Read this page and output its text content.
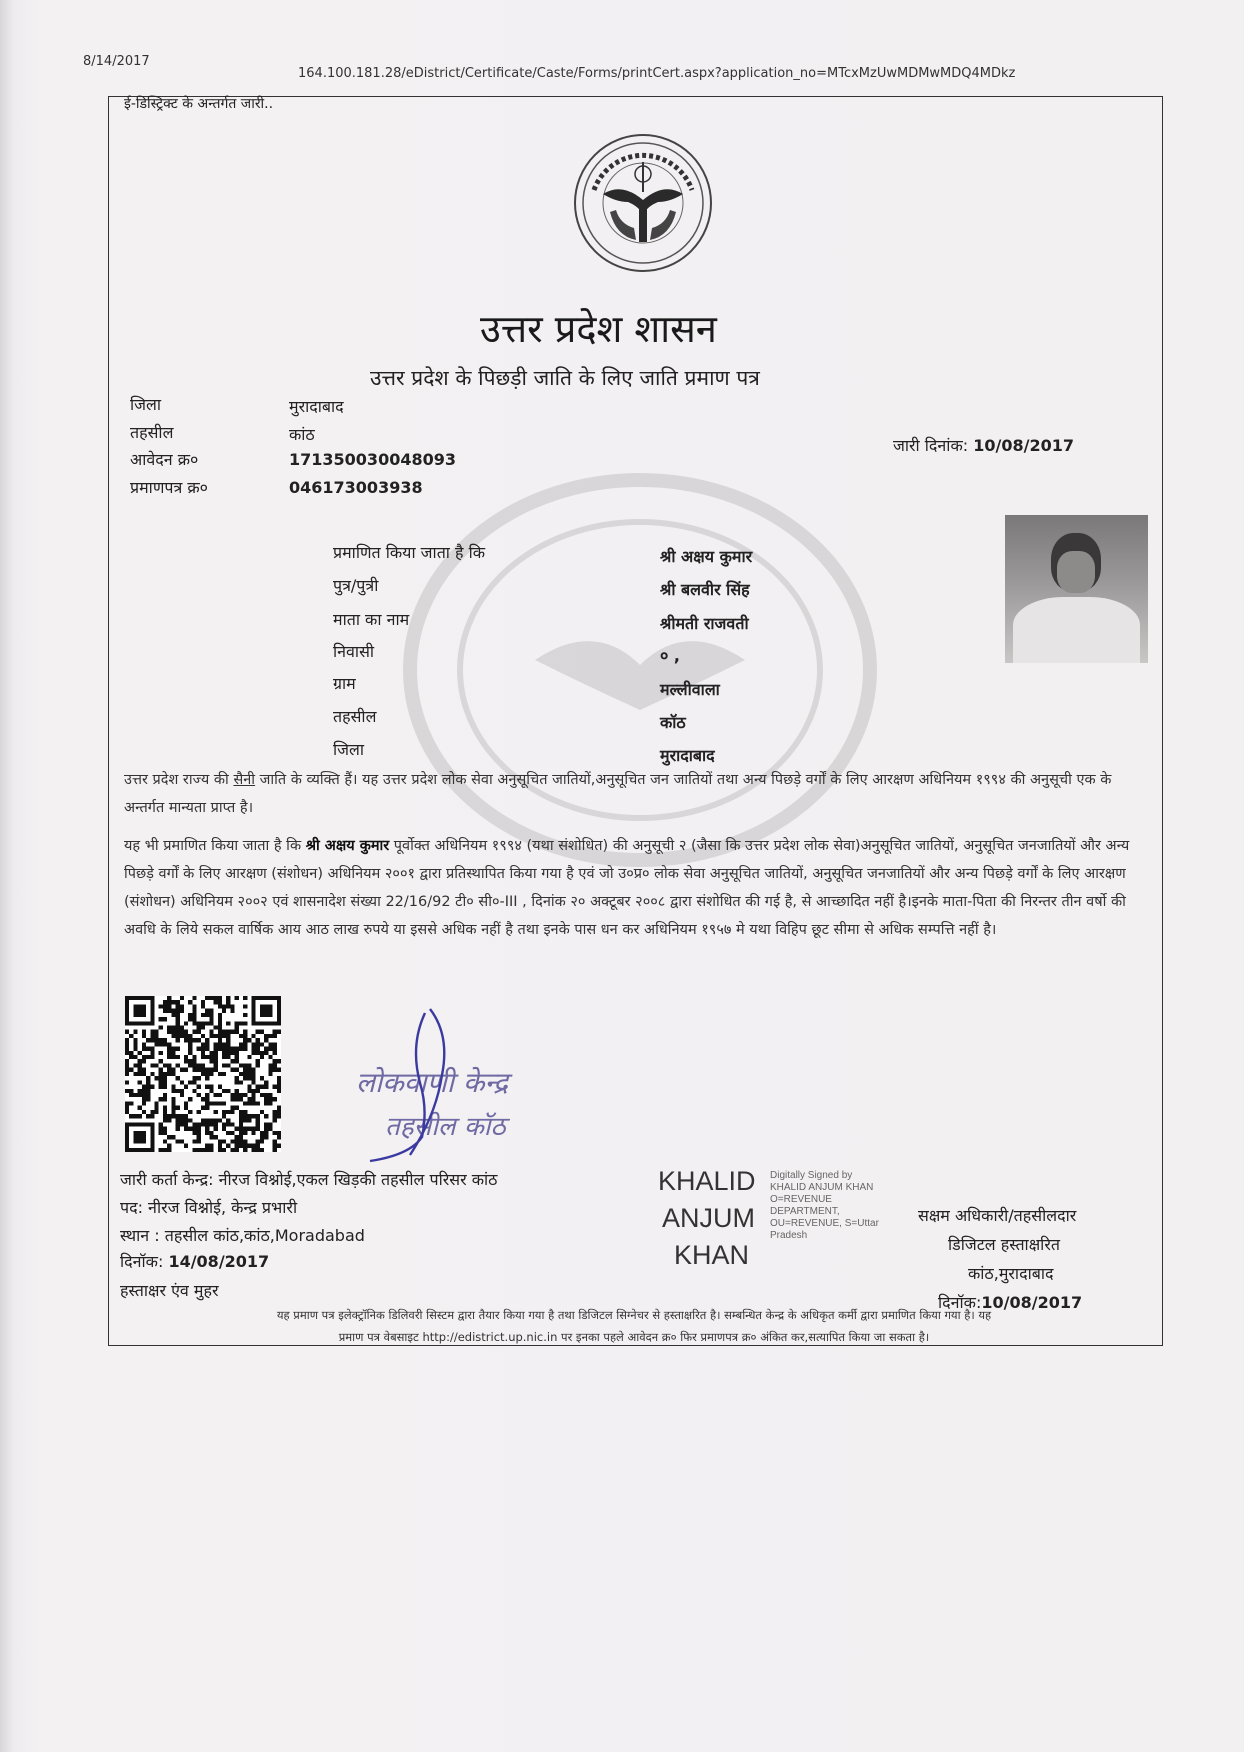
8/14/2017
164.100.181.28/eDistrict/Certificate/Caste/Forms/printCert.aspx?application_no=MTcxMzUwMDMwMDQ4MDkz
ई-डिस्ट्रिक्ट के अन्तर्गत जारी..
उत्तर प्रदेश शासन
उत्तर प्रदेश के पिछड़ी जाति के लिए जाति प्रमाण पत्र
जिला	मुरादाबाद
तहसील	कांठ
आवेदन क्र०	171350030048093
प्रमाणपत्र क्र०	046173003938
जारी दिनांक: 10/08/2017
प्रमाणित किया जाता है कि	श्री अक्षय कुमार
पुत्र/पुत्री	श्री बलवीर सिंह
माता का नाम	श्रीमती राजवती
निवासी	० ,
ग्राम	मल्लीवाला
तहसील	कॉठ
जिला	मुरादाबाद
उत्तर प्रदेश राज्य की सैनी जाति के व्यक्ति हैं। यह उत्तर प्रदेश लोक सेवा अनुसूचित जातियों,अनुसूचित जन जातियों तथा अन्य पिछड़े वर्गों के लिए आरक्षण अधिनियम १९९४ की अनुसूची एक के अन्तर्गत मान्यता प्राप्त है।
यह भी प्रमाणित किया जाता है कि श्री अक्षय कुमार पूर्वोक्त अधिनियम १९९४ (यथा संशोधित) की अनुसूची २ (जैसा कि उत्तर प्रदेश लोक सेवा)अनुसूचित जातियों, अनुसूचित जनजातियों और अन्य पिछड़े वर्गों के लिए आरक्षण (संशोधन) अधिनियम २००१ द्वारा प्रतिस्थापित किया गया है एवं जो उ०प्र० लोक सेवा अनुसूचित जातियों, अनुसूचित जनजातियों और अन्य पिछड़े वर्गों के लिए आरक्षण (संशोधन) अधिनियम २००२ एवं शासनादेश संख्या 22/16/92 टी० सी०-III , दिनांक २० अक्टूबर २००८ द्वारा संशोधित की गई है, से आच्छादित नहीं है।इनके माता-पिता की निरन्तर तीन वर्षो की अवधि के लिये सकल वार्षिक आय आठ लाख रुपये या इससे अधिक नहीं है तथा इनके पास धन कर अधिनियम १९५७ मे यथा विहिप छूट सीमा से अधिक सम्पत्ति नहीं है।
लोकवाणी केन्द्र
तहसील कॉठ
जारी कर्ता केन्द्र: नीरज विश्नोई,एकल खिड़की तहसील परिसर कांठ
पद: नीरज विश्नोई, केन्द्र प्रभारी
स्थान : तहसील कांठ,कांठ,Moradabad
दिनॉक: 14/08/2017
हस्ताक्षर एंव मुहर
KHALID
ANJUM
KHAN
Digitally Signed by
KHALID ANJUM KHAN
O=REVENUE
DEPARTMENT,
OU=REVENUE, S=Uttar
Pradesh
सक्षम अधिकारी/तहसीलदार
डिजिटल हस्ताक्षरित
कांठ,मुरादाबाद
दिनॉक:10/08/2017
यह प्रमाण पत्र इलेक्ट्रॉनिक डिलिवरी सिस्टम द्वारा तैयार किया गया है तथा डिजिटल सिग्नेचर से हस्ताक्षरित है। सम्बन्धित केन्द्र के अधिकृत कर्मी द्वारा प्रमाणित किया गया है। यह
प्रमाण पत्र वेबसाइट http://edistrict.up.nic.in पर इनका पहले आवेदन क्र० फिर प्रमाणपत्र क्र० अंकित कर,सत्यापित किया जा सकता है।
